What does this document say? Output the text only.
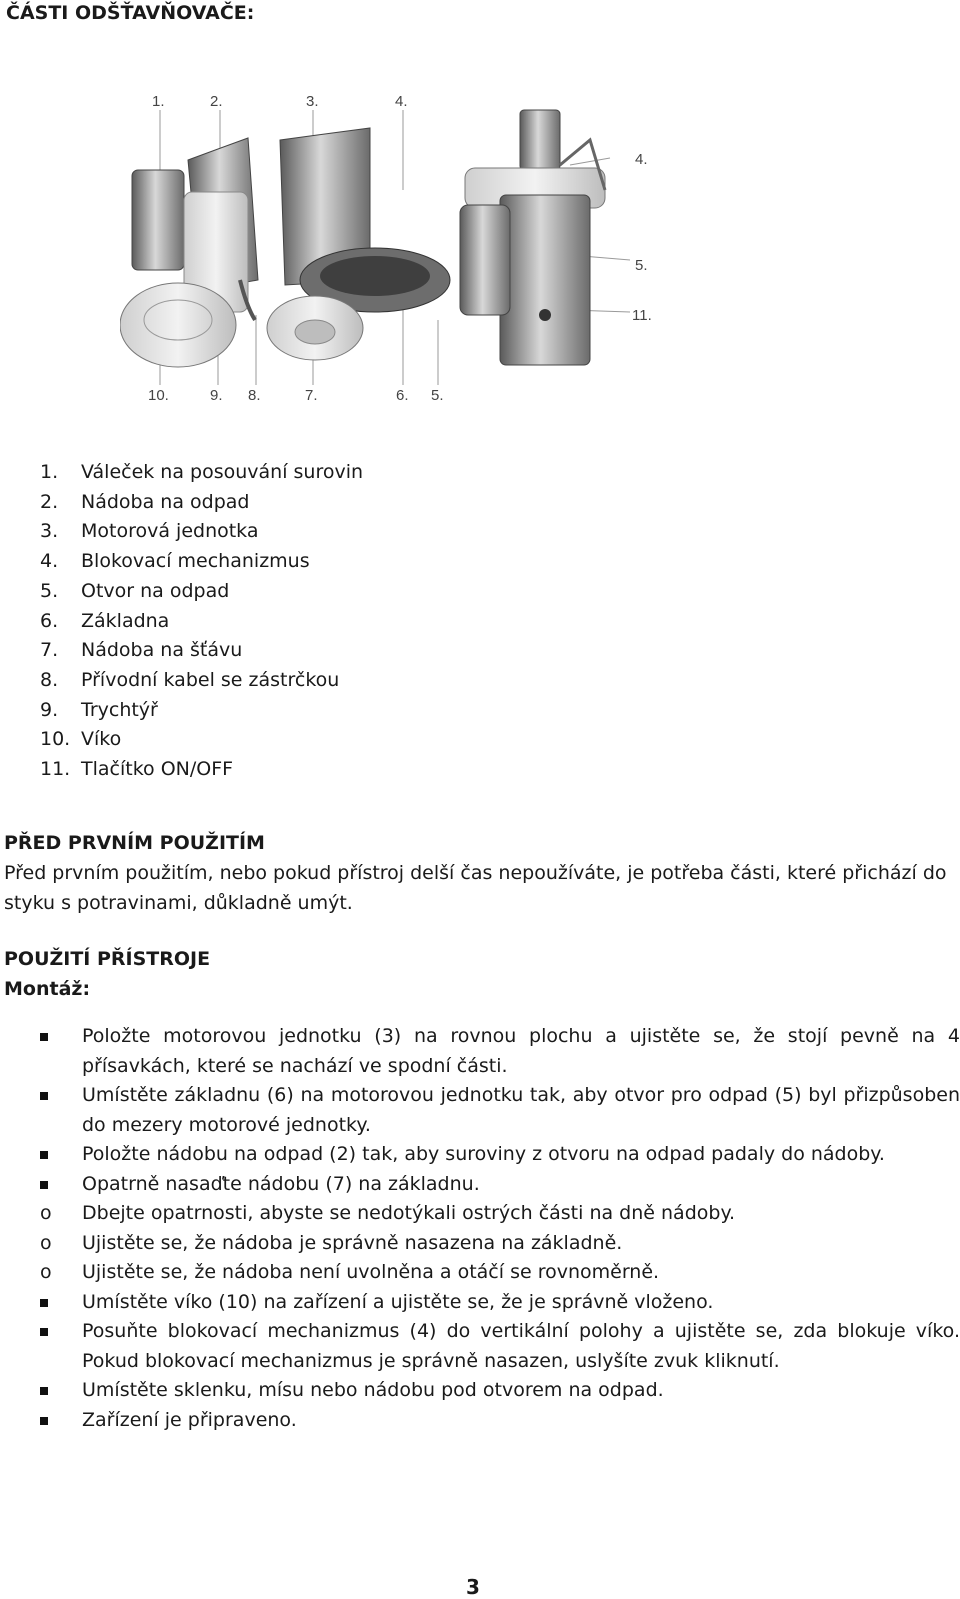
ČÁSTI ODŠŤAVŇOVAČE:
1.	2.	3.	4.
4.
5.
11.
10.	9. 8.	7.	6. 5.
1. Váleček na posouvání surovin
2. Nádoba na odpad
3. Motorová jednotka
4. Blokovací mechanizmus
5. Otvor na odpad
6. Základna
7. Nádoba na šťávu
8. Přívodní kabel se zástrčkou
9. Trychtýř
10. Víko
11. Tlačítko ON/OFF
PŘED PRVNÍM POUŽITÍM
Před prvním použitím, nebo pokud přístroj delší čas nepoužíváte, je potřeba části, které přichází do styku s potravinami, důkladně umýt.
POUŽITÍ PŘÍSTROJE
Montáž:
Položte motorovou jednotku (3) na rovnou plochu a ujistěte se, že stojí pevně na 4 přísavkách, které se nachází ve spodní části.
Umístěte základnu (6) na motorovou jednotku tak, aby otvor pro odpad (5) byl přizpůsoben do mezery motorové jednotky.
Položte nádobu na odpad (2) tak, aby suroviny z otvoru na odpad padaly do nádoby.
Opatrně nasaďte nádobu (7) na základnu.
o Dbejte opatrnosti, abyste se nedotýkali ostrých části na dně nádoby.
o Ujistěte se, že nádoba je správně nasazena na základně.
o Ujistěte se, že nádoba není uvolněna a otáčí se rovnoměrně.
Umístěte víko (10) na zařízení a ujistěte se, že je správně vloženo.
Posuňte blokovací mechanizmus (4) do vertikální polohy a ujistěte se, zda blokuje víko. Pokud blokovací mechanizmus je správně nasazen, uslyšíte zvuk kliknutí.
Umístěte sklenku, mísu nebo nádobu pod otvorem na odpad.
Zařízení je připraveno.
3
